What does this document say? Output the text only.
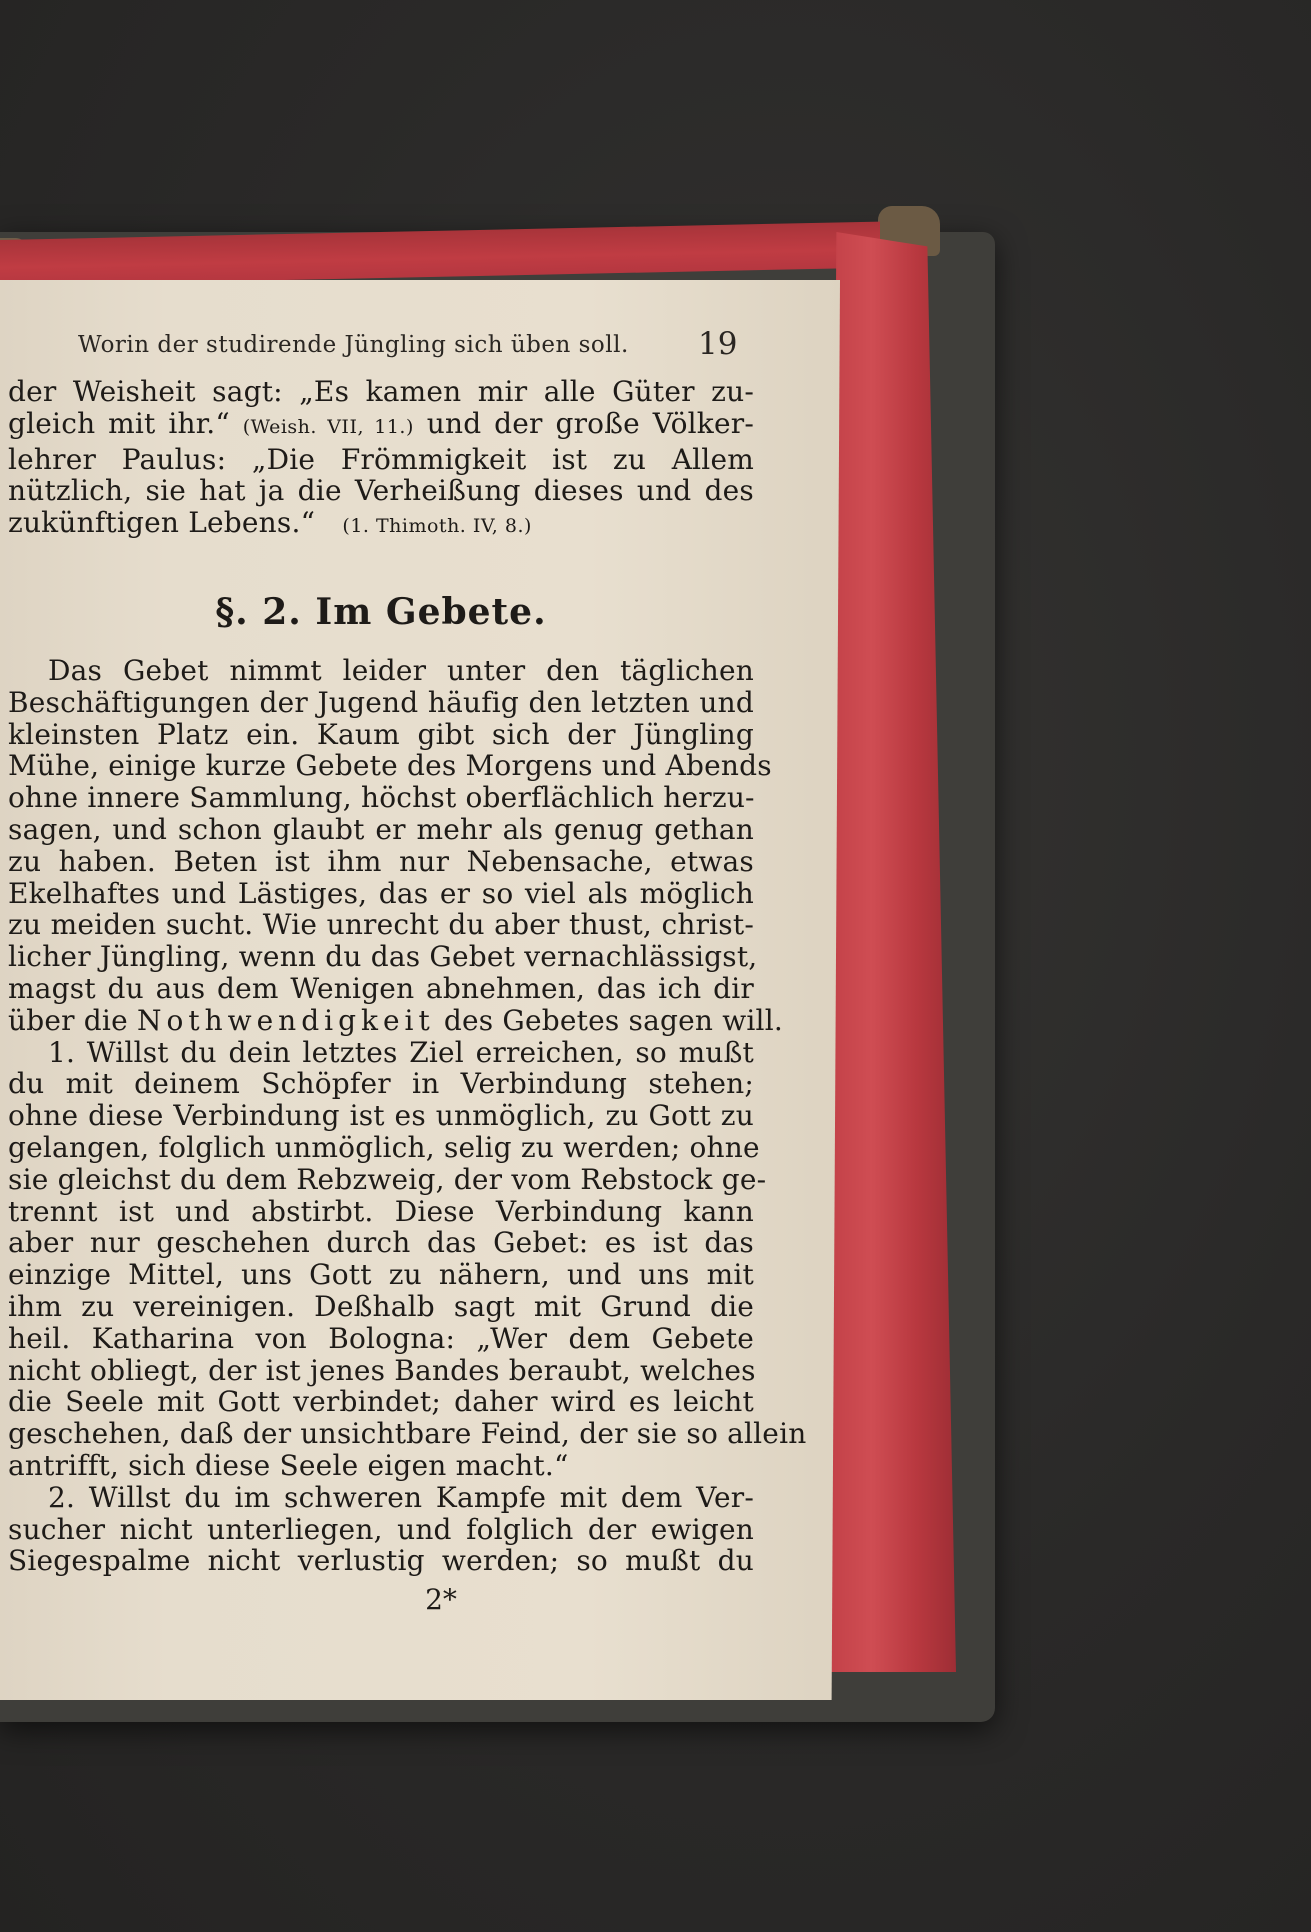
Worin der studirende Jüngling sich üben soll. 19
der Weisheit sagt: „Es kamen mir alle Güter zu-
gleich mit ihr.“ (Weish. VII, 11.) und der große Völker-
lehrer Paulus: „Die Frömmigkeit ist zu Allem
nützlich, sie hat ja die Verheißung dieses und des
zukünftigen Lebens.“ (1. Thimoth. IV, 8.)
§. 2. Im Gebete.
Das Gebet nimmt leider unter den täglichen
Beschäftigungen der Jugend häufig den letzten und
kleinsten Platz ein. Kaum gibt sich der Jüngling
Mühe, einige kurze Gebete des Morgens und Abends
ohne innere Sammlung, höchst oberflächlich herzu-
sagen, und schon glaubt er mehr als genug gethan
zu haben. Beten ist ihm nur Nebensache, etwas
Ekelhaftes und Lästiges, das er so viel als möglich
zu meiden sucht. Wie unrecht du aber thust, christ-
licher Jüngling, wenn du das Gebet vernachlässigst,
magst du aus dem Wenigen abnehmen, das ich dir
über die Nothwendigkeit des Gebetes sagen will.
1. Willst du dein letztes Ziel erreichen, so mußt
du mit deinem Schöpfer in Verbindung stehen;
ohne diese Verbindung ist es unmöglich, zu Gott zu
gelangen, folglich unmöglich, selig zu werden; ohne
sie gleichst du dem Rebzweig, der vom Rebstock ge-
trennt ist und abstirbt. Diese Verbindung kann
aber nur geschehen durch das Gebet: es ist das
einzige Mittel, uns Gott zu nähern, und uns mit
ihm zu vereinigen. Deßhalb sagt mit Grund die
heil. Katharina von Bologna: „Wer dem Gebete
nicht obliegt, der ist jenes Bandes beraubt, welches
die Seele mit Gott verbindet; daher wird es leicht
geschehen, daß der unsichtbare Feind, der sie so allein
antrifft, sich diese Seele eigen macht.“
2. Willst du im schweren Kampfe mit dem Ver-
sucher nicht unterliegen, und folglich der ewigen
Siegespalme nicht verlustig werden; so mußt du
2*
